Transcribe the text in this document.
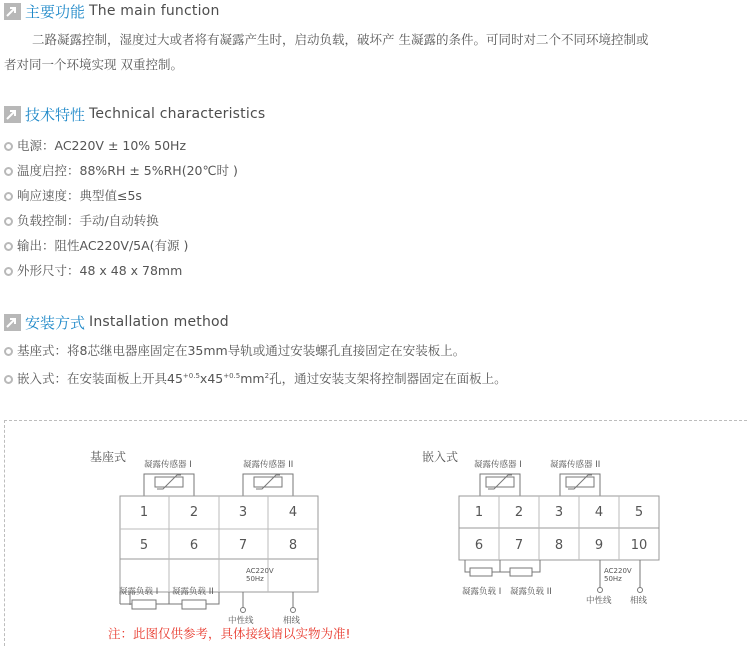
主要功能 The main function
二路凝露控制，湿度过大或者将有凝露产生时，启动负载，破坏产 生凝露的条件。可同时对二个不同环境控制或
者对同一个环境实现 双重控制。
技术特性 Technical characteristics
电源：AC220V ± 10% 50Hz
温度启控：88%RH ± 5%RH(20℃时 )
响应速度：典型值≤5s
负载控制：手动/自动转换
输出：阻性AC220V/5A(有源 )
外形尺寸：48 x 48 x 78mm
安装方式 Installation method
基座式：将8芯继电器座固定在35mm导轨或通过安装螺孔直接固定在安装板上。
嵌入式：在安装面板上开具$45^{+0.5}x45^{+0.5}mm^2$孔，通过安装支架将控制器固定在面板上。
基座式
凝露传感器 I	凝露传感器 II
1	2	3	4
5	6	7	8
凝露负载 I 凝露负载 II
AC220V
50Hz
中性线	相线
嵌入式
凝露传感器 I	凝露传感器 II
1 2 3 4 5
6 7 8 9 10
凝露负载 I 凝露负载 II
AC220V
50Hz
中性线 相线
注：此图仅供参考，具体接线请以实物为准!
